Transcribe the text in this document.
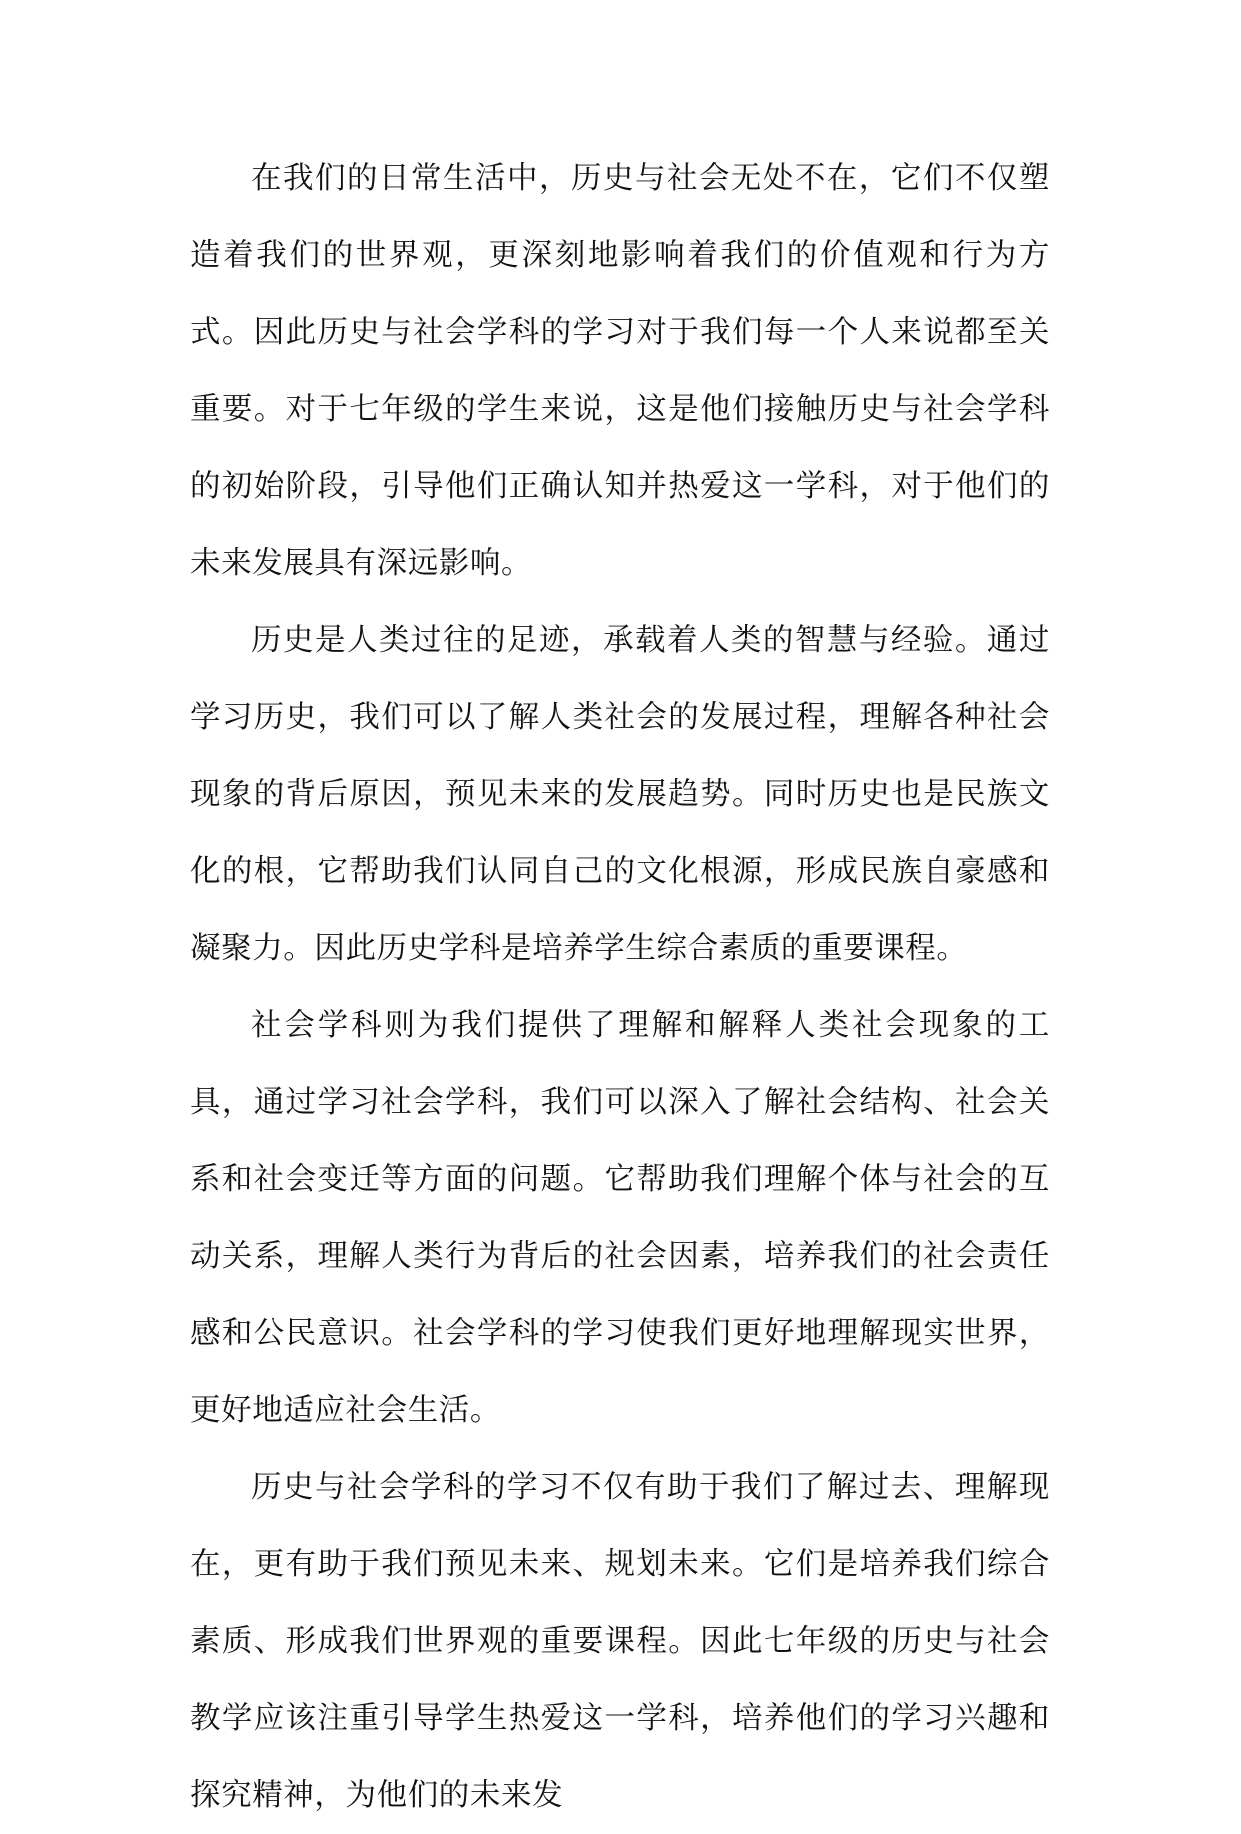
在我们的日常生活中，历史与社会无处不在，它们不仅塑造着我们的世界观，更深刻地影响着我们的价值观和行为方式。因此历史与社会学科的学习对于我们每一个人来说都至关重要。对于七年级的学生来说，这是他们接触历史与社会学科的初始阶段，引导他们正确认知并热爱这一学科，对于他们的未来发展具有深远影响。

历史是人类过往的足迹，承载着人类的智慧与经验。通过学习历史，我们可以了解人类社会的发展过程，理解各种社会现象的背后原因，预见未来的发展趋势。同时历史也是民族文化的根，它帮助我们认同自己的文化根源，形成民族自豪感和凝聚力。因此历史学科是培养学生综合素质的重要课程。

社会学科则为我们提供了理解和解释人类社会现象的工具，通过学习社会学科，我们可以深入了解社会结构、社会关系和社会变迁等方面的问题。它帮助我们理解个体与社会的互动关系，理解人类行为背后的社会因素，培养我们的社会责任感和公民意识。社会学科的学习使我们更好地理解现实世界，更好地适应社会生活。

历史与社会学科的学习不仅有助于我们了解过去、理解现在，更有助于我们预见未来、规划未来。它们是培养我们综合素质、形成我们世界观的重要课程。因此七年级的历史与社会教学应该注重引导学生热爱这一学科，培养他们的学习兴趣和探究精神，为他们的未来发
